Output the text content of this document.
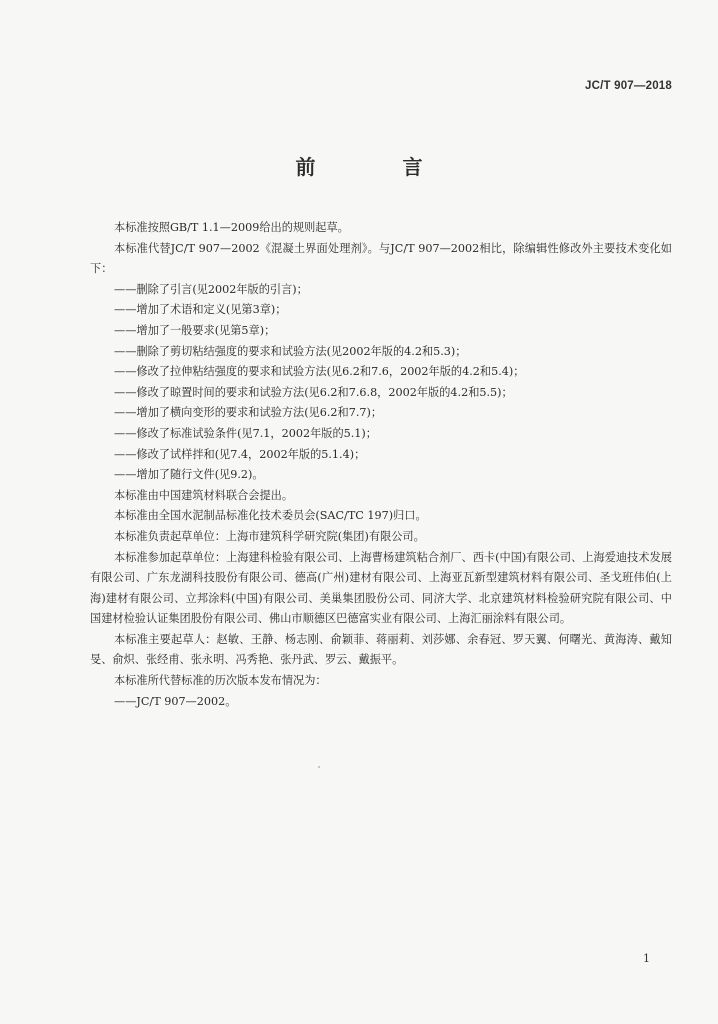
JC/T 907—2018
前 言

本标准按照GB/T 1.1—2009给出的规则起草。

本标准代替JC/T 907—2002《混凝土界面处理剂》。与JC/T 907—2002相比，除编辑性修改外主要技术变化如下：

——删除了引言(见2002年版的引言)；

——增加了术语和定义(见第3章)；

——增加了一般要求(见第5章)；

——删除了剪切粘结强度的要求和试验方法(见2002年版的4.2和5.3)；

——修改了拉伸粘结强度的要求和试验方法(见6.2和7.6，2002年版的4.2和5.4)；

——修改了晾置时间的要求和试验方法(见6.2和7.6.8，2002年版的4.2和5.5)；

——增加了横向变形的要求和试验方法(见6.2和7.7)；

——修改了标准试验条件(见7.1，2002年版的5.1)；

——修改了试样拌和(见7.4，2002年版的5.1.4)；

——增加了随行文件(见9.2)。

本标准由中国建筑材料联合会提出。

本标准由全国水泥制品标准化技术委员会(SAC/TC 197)归口。

本标准负责起草单位：上海市建筑科学研究院(集团)有限公司。

本标准参加起草单位：上海建科检验有限公司、上海曹杨建筑粘合剂厂、西卡(中国)有限公司、上海爱迪技术发展有限公司、广东龙湖科技股份有限公司、德高(广州)建材有限公司、上海亚瓦新型建筑材料有限公司、圣戈班伟伯(上海)建材有限公司、立邦涂料(中国)有限公司、美巢集团股份公司、同济大学、北京建筑材料检验研究院有限公司、中国建材检验认证集团股份有限公司、佛山市顺德区巴德富实业有限公司、上海汇丽涂料有限公司。

本标准主要起草人：赵敏、王静、杨志刚、俞颖菲、蒋丽莉、刘莎娜、余春冠、罗天翼、何曙光、黄海涛、戴知旻、俞炽、张经甫、张永明、冯秀艳、张丹武、罗云、戴振平。

本标准所代替标准的历次版本发布情况为：

——JC/T 907—2002。

1
